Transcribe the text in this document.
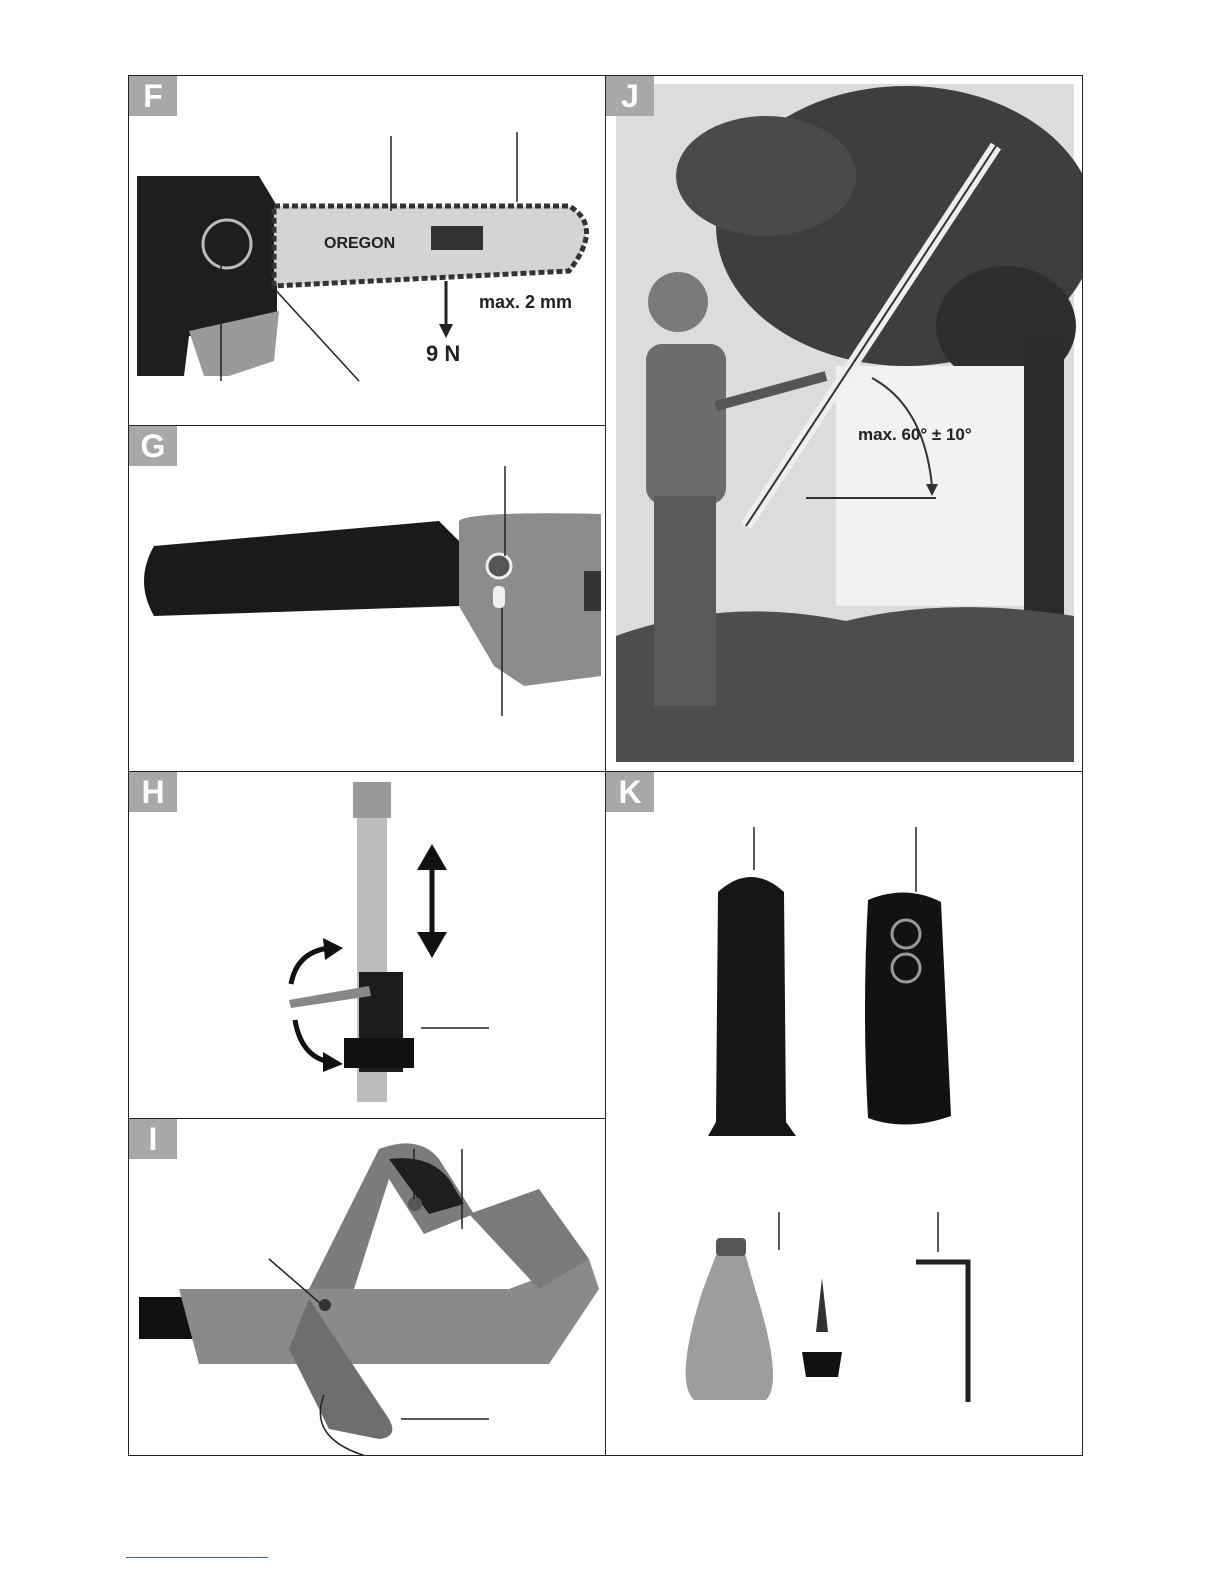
F
OREGON
max. 2 mm
9 N
max. 60° ± 10°
J
G
H	K
I
